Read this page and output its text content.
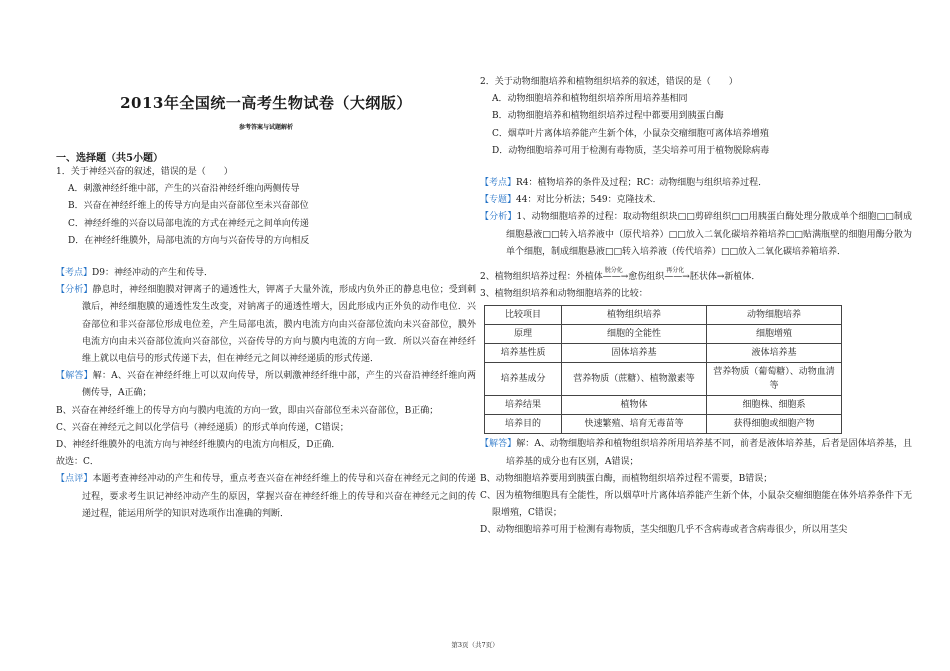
2013年全国统一高考生物试卷（大纲版）
参考答案与试题解析
一、选择题（共5小题）
1．关于神经兴奋的叙述，错误的是（　　）
A．刺激神经纤维中部，产生的兴奋沿神经纤维向两侧传导
B．兴奋在神经纤维上的传导方向是由兴奋部位至未兴奋部位
C．神经纤维的兴奋以局部电流的方式在神经元之间单向传递
D．在神经纤维膜外，局部电流的方向与兴奋传导的方向相反
【考点】D9：神经冲动的产生和传导．
【分析】静息时，神经细胞膜对钾离子的通透性大，钾离子大量外流，形成内负外正的静息电位；受到刺激后，神经细胞膜的通透性发生改变，对钠离子的通透性增大，因此形成内正外负的动作电位．兴奋部位和非兴奋部位形成电位差，产生局部电流，膜内电流方向由兴奋部位流向未兴奋部位，膜外电流方向由未兴奋部位流向兴奋部位，兴奋传导的方向与膜内电流的方向一致．所以兴奋在神经纤维上就以电信号的形式传递下去，但在神经元之间以神经递质的形式传递．
【解答】解：A、兴奋在神经纤维上可以双向传导，所以刺激神经纤维中部，产生的兴奋沿神经纤维向两侧传导，A正确；
B、兴奋在神经纤维上的传导方向与膜内电流的方向一致，即由兴奋部位至未兴奋部位，B正确；
C、兴奋在神经元之间以化学信号（神经递质）的形式单向传递，C错误；
D、神经纤维膜外的电流方向与神经纤维膜内的电流方向相反，D正确．
故选：C．
【点评】本题考查神经冲动的产生和传导，重点考查兴奋在神经纤维上的传导和兴奋在神经元之间的传递过程，要求考生识记神经冲动产生的原因，掌握兴奋在神经纤维上的传导和兴奋在神经元之间的传递过程，能运用所学的知识对选项作出准确的判断．
2．关于动物细胞培养和植物组织培养的叙述，错误的是（　　）
A．动物细胞培养和植物组织培养所用培养基相同
B．动物细胞培养和植物组织培养过程中都要用到胰蛋白酶
C．烟草叶片离体培养能产生新个体，小鼠杂交瘤细胞可离体培养增殖
D．动物细胞培养可用于检测有毒物质，茎尖培养可用于植物脱除病毒
【考点】R4：植物培养的条件及过程；RC：动物细胞与组织培养过程．
【专题】44：对比分析法；549：克隆技术．
【分析】1、动物细胞培养的过程：取动物组织块□□剪碎组织□□用胰蛋白酶处理分散成单个细胞□□制成细胞悬液□□转入培养液中（原代培养）□□放入二氧化碳培养箱培养□□贴满瓶壁的细胞用酶分散为单个细胞，制成细胞悬液□□转入培养液（传代培养）□□放入二氧化碳培养箱培养．
2、植物组织培养过程：外植体
脱分化
——→愈伤组织
再分化
——→胚状体→新植体．
3、植物组织培养和动物细胞培养的比较：
比较项目	植物组织培养	动物细胞培养
原理	细胞的全能性	细胞增殖
培养基性质	固体培养基	液体培养基
培养基成分	营养物质（蔗糖）、植物激素等	营养物质（葡萄糖）、动物血清等
培养结果	植物体	细胞株、细胞系
培养目的	快速繁殖、培育无毒苗等	获得细胞或细胞产物
【解答】解：A、动物细胞培养和植物组织培养所用培养基不同，前者是液体培养基，后者是固体培养基，且培养基的成分也有区别，A错误；
B、动物细胞培养要用到胰蛋白酶，而植物组织培养过程不需要，B错误；
C、因为植物细胞具有全能性，所以烟草叶片离体培养能产生新个体，小鼠杂交瘤细胞能在体外培养条件下无限增殖，C错误；
D、动物细胞培养可用于检测有毒物质，茎尖细胞几乎不含病毒或者含病毒很少，所以用茎尖
第3页（共7页）
